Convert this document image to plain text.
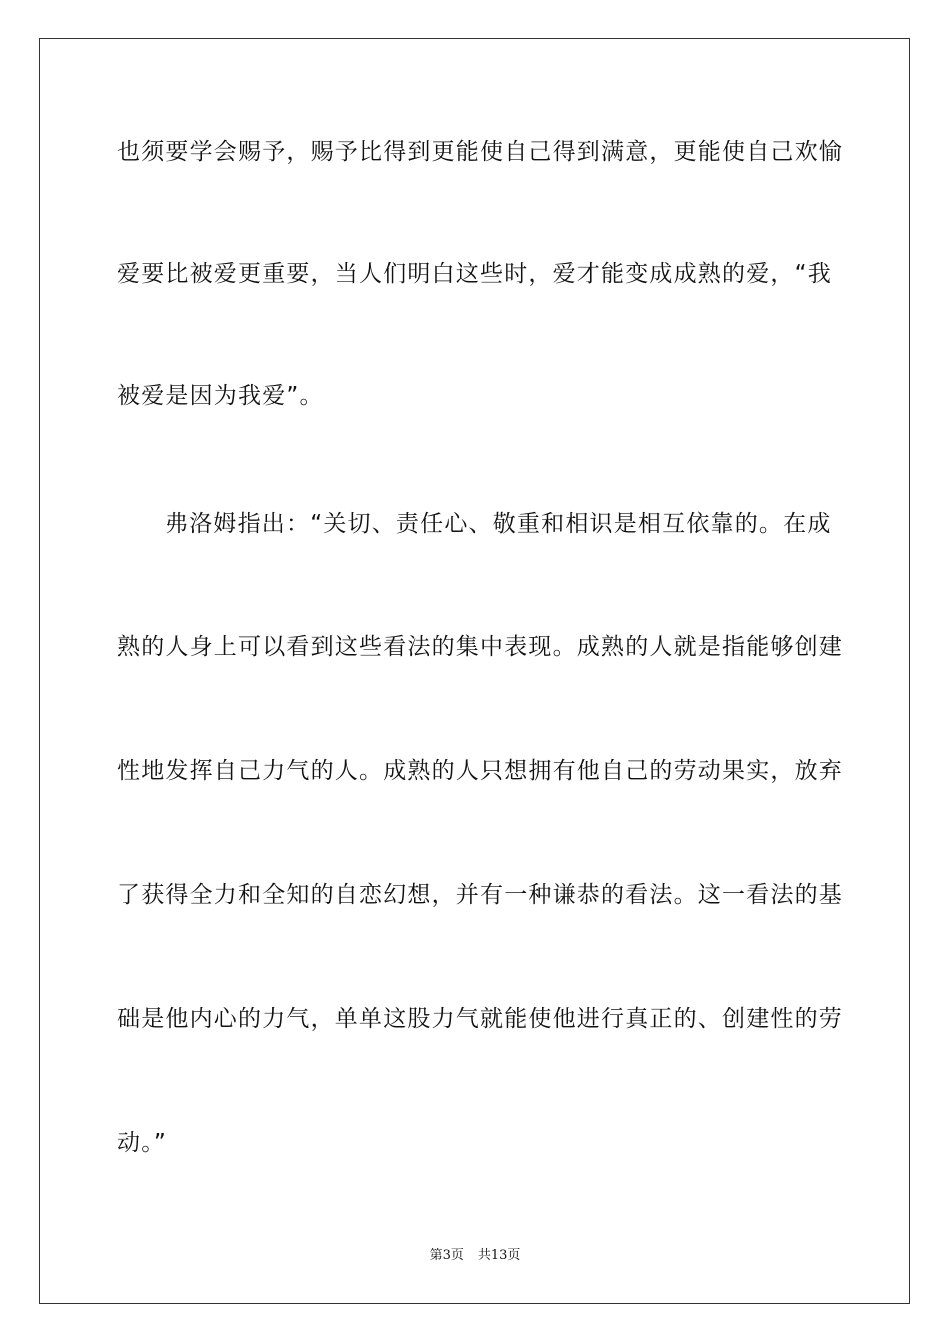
也须要学会赐予，赐予比得到更能使自己得到满意，更能使自己欢愉
爱要比被爱更重要，当人们明白这些时，爱才能变成成熟的爱，“我
被爱是因为我爱”。
弗洛姆指出：“关切、责任心、敬重和相识是相互依靠的。在成
熟的人身上可以看到这些看法的集中表现。成熟的人就是指能够创建
性地发挥自己力气的人。成熟的人只想拥有他自己的劳动果实，放弃
了获得全力和全知的自恋幻想，并有一种谦恭的看法。这一看法的基
础是他内心的力气，单单这股力气就能使他进行真正的、创建性的劳
动。”
第3页 共13页
